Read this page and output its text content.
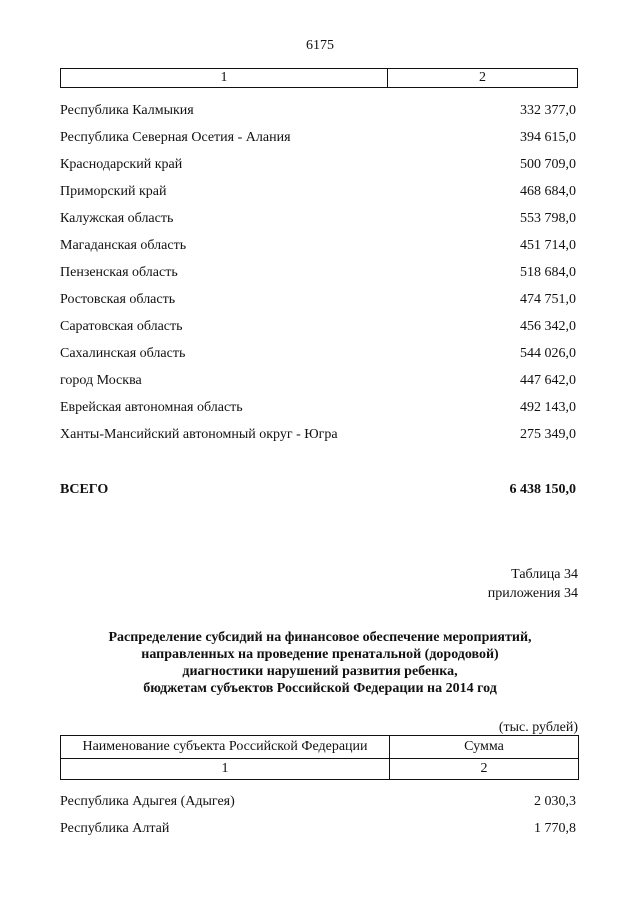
6175
1	2
Республика Калмыкия	332 377,0
Республика Северная Осетия - Алания	394 615,0
Краснодарский край	500 709,0
Приморский край	468 684,0
Калужская область	553 798,0
Магаданская область	451 714,0
Пензенская область	518 684,0
Ростовская область	474 751,0
Саратовская область	456 342,0
Сахалинская область	544 026,0
город Москва	447 642,0
Еврейская автономная область	492 143,0
Ханты-Мансийский автономный округ - Югра	275 349,0
ВСЕГО	6 438 150,0
Таблица 34
приложения 34
Распределение субсидий на финансовое обеспечение мероприятий,
направленных на проведение пренатальной (дородовой)
диагностики нарушений развития ребенка,
бюджетам субъектов Российской Федерации на 2014 год
(тыс. рублей)
Наименование субъекта Российской Федерации	Сумма
1	2
Республика Адыгея (Адыгея)	2 030,3
Республика Алтай	1 770,8
